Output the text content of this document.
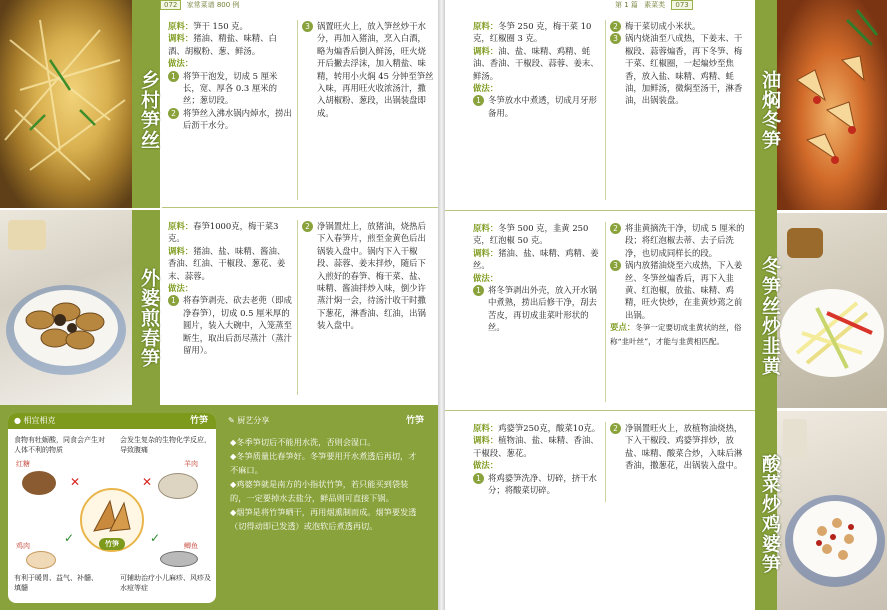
072 家常菜谱 800 例
乡村笋丝
外婆煎春笋
原料：笋干 150 克。
调料：猪油、精盐、味精、白酒、胡椒粉、葱、鲜汤。
做法：
1 将笋干泡发，切成 5 厘米长，宽、厚各 0.3 厘米的丝；葱切段。
2 将笋丝入沸水锅内焯水，捞出后沥干水分。
3 锅置旺火上，放入笋丝炒干水分，再加入猪油，烹入白酒，略为煸香后倒入鲜汤，旺火烧开后撇去浮沫，加入精盐、味精，转用小火焖 45 分钟至笋丝入味，再用旺火收浓汤汁，撒入胡椒粉、葱段，出锅装盘即成。
原料：春笋1000克，梅干菜3克。
调料：猪油、盐、味精、酱油、香油、红油、干椒段、葱花、姜末、蒜蓉。
做法：
1 将春笋剥壳、砍去老蔸（即成净春笋），切成 0.5 厘米厚的圆片，装入大碗中，入笼蒸至断生，取出后沥尽蒸汁（蒸汁留用）。
2 净锅置灶上，放猪油，烧热后下入春笋片，煎至金黄色后出锅装入盘中。锅内下入干椒段、蒜蓉、姜末拌炒，随后下入煎好的春笋、梅干菜、盐、味精、酱油拌炒入味，倒少许蒸汁焖一会，待汤汁收干时撒下葱花，淋香油、红油，出锅装入盘中。
● 相宜相克	竹笋
食物有牡蛎酸，同食会产生对人体不利的物质
会发生复杂的生物化学反应，导致腹痛
红糖	羊肉
✕	✕
竹笋
✓	✓
鸡肉	鲫鱼
有利于暖胃、益气、补髓、填髓
可辅助治疗小儿麻疹、风疹及水痘等症
✎ 厨艺分享	竹笋
◆冬季笋切后不能用水洗，否则会湿口。
◆冬笋质量比春笋好。冬笋要用开水煮透后再切，才不麻口。
◆鸡婆笋就是南方的小指状竹笋，若只能买到袋装的，一定要掉水去盐分，鲜品则可直接下锅。
◆烟笋是将竹笋晒干，再用烟熏制而成。烟笋要发透（切得动即已发透）或泡软后煮透再切。
第 1 篇 素菜类 073
油焖冬笋
冬笋丝炒韭黄
酸菜炒鸡婆笋
原料：冬笋 250 克，梅干菜 10 克，红椒圈 3 克。
调料：油、盐、味精、鸡精、蚝油、香油、干椒段、蒜蓉、姜末、鲜汤。
做法：
1 冬笋放水中煮透，切成月牙形备用。
2 梅干菜切成小米状。
3 锅内烧油至八成热，下姜末、干椒段、蒜蓉煸香，再下冬笋、梅干菜、红椒圈，一起煸炒至焦香，放入盐、味精、鸡精、蚝油，加鲜汤，微焖至汤干，淋香油，出锅装盘。
原料：冬笋 500 克，韭黄 250 克，红泡椒 50 克。
调料：猪油、盐、味精、鸡精、姜丝。
做法：
1 将冬笋剥出外壳，放入开水锅中煮熟，捞出后修干净，刮去苦皮，再切成韭菜叶形状的丝。
2 将韭黄摘洗干净，切成 5 厘米的段；将红泡椒去蒂、去子后洗净，也切成同样长的段。
3 锅内放猪油烧至六成热，下入姜丝、冬笋丝煸香后，再下入韭黄、红泡椒，放盐、味精、鸡精，旺火快炒，在韭黄炒蔫之前出锅。
要点：冬笋一定要切成韭黄状的丝，俗称“韭叶丝”，才能与韭黄相匹配。
原料：鸡婆笋250克，酸菜10克。
调料：植物油、盐、味精、香油、干椒段、葱花。
做法：
1 将鸡婆笋洗净、切碎，挤干水分；将酸菜切碎。
2 净锅置旺火上，放植物油烧热，下入干椒段、鸡婆笋拌炒，放盐、味精、酸菜合炒，入味后淋香油，撒葱花，出锅装入盘中。
